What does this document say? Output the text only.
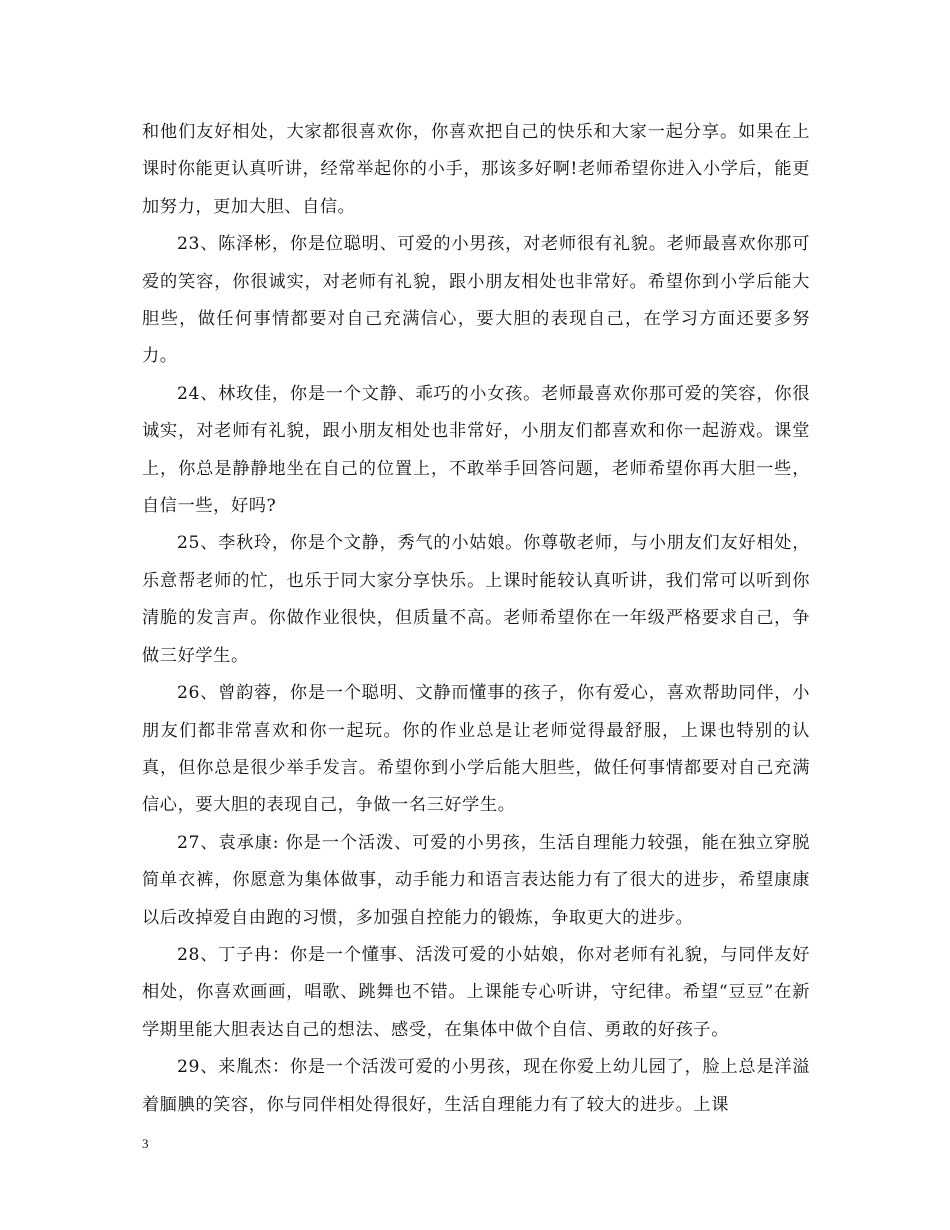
和他们友好相处，大家都很喜欢你，你喜欢把自己的快乐和大家一起分享。如果在上课时你能更认真听讲，经常举起你的小手，那该多好啊!老师希望你进入小学后，能更加努力，更加大胆、自信。

23、陈泽彬，你是位聪明、可爱的小男孩，对老师很有礼貌。老师最喜欢你那可爱的笑容，你很诚实，对老师有礼貌，跟小朋友相处也非常好。希望你到小学后能大胆些，做任何事情都要对自己充满信心，要大胆的表现自己，在学习方面还要多努力。

24、林玫佳，你是一个文静、乖巧的小女孩。老师最喜欢你那可爱的笑容，你很诚实，对老师有礼貌，跟小朋友相处也非常好，小朋友们都喜欢和你一起游戏。课堂上，你总是静静地坐在自己的位置上，不敢举手回答问题，老师希望你再大胆一些，自信一些，好吗?

25、李秋玲，你是个文静，秀气的小姑娘。你尊敬老师，与小朋友们友好相处，乐意帮老师的忙，也乐于同大家分享快乐。上课时能较认真听讲，我们常可以听到你清脆的发言声。你做作业很快，但质量不高。老师希望你在一年级严格要求自己，争做三好学生。

26、曾韵蓉，你是一个聪明、文静而懂事的孩子，你有爱心，喜欢帮助同伴，小朋友们都非常喜欢和你一起玩。你的作业总是让老师觉得最舒服，上课也特别的认真，但你总是很少举手发言。希望你到小学后能大胆些，做任何事情都要对自己充满信心，要大胆的表现自己，争做一名三好学生。

27、袁承康: 你是一个活泼、可爱的小男孩，生活自理能力较强，能在独立穿脱简单衣裤，你愿意为集体做事，动手能力和语言表达能力有了很大的进步，希望康康以后改掉爱自由跑的习惯，多加强自控能力的锻炼，争取更大的进步。

28、丁子冉：你是一个懂事、活泼可爱的小姑娘，你对老师有礼貌，与同伴友好相处，你喜欢画画，唱歌、跳舞也不错。上课能专心听讲，守纪律。希望“豆豆”在新学期里能大胆表达自己的想法、感受，在集体中做个自信、勇敢的好孩子。

29、来胤杰：你是一个活泼可爱的小男孩，现在你爱上幼儿园了，脸上总是洋溢着腼腆的笑容，你与同伴相处得很好，生活自理能力有了较大的进步。上课

3
